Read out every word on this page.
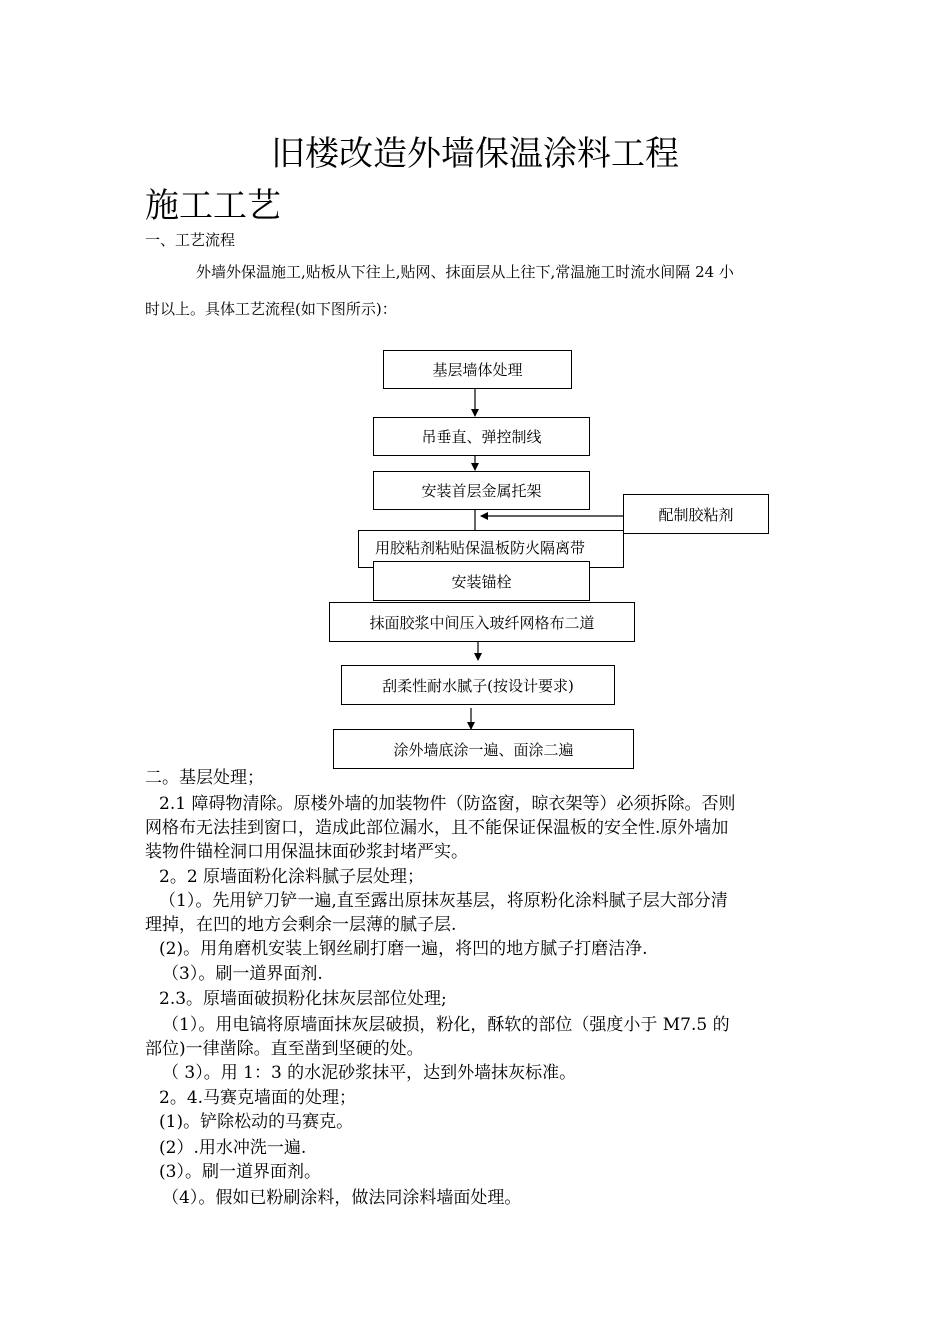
旧楼改造外墙保温涂料工程
施工工艺
一、工艺流程
外墙外保温施工,贴板从下往上,贴网、抹面层从上往下,常温施工时流水间隔 24 小
时以上。具体工艺流程(如下图所示)：
基层墙体处理
吊垂直、弹控制线
安装首层金属托架
配制胶粘剂
用胶粘剂粘贴保温板防火隔离带
安装锚栓
抹面胶浆中间压入玻纤网格布二道
刮柔性耐水腻子(按设计要求)
涂外墙底涂一遍、面涂二遍
二。基层处理；
2.1 障碍物清除。原楼外墙的加装物件（防盗窗，晾衣架等）必须拆除。否则
网格布无法挂到窗口，造成此部位漏水，且不能保证保温板的安全性.原外墙加
装物件锚栓洞口用保温抹面砂浆封堵严实。
2。2 原墙面粉化涂料腻子层处理；
（1）。先用铲刀铲一遍,直至露出原抹灰基层，将原粉化涂料腻子层大部分清
理掉，在凹的地方会剩余一层薄的腻子层.
(2)。用角磨机安装上钢丝刷打磨一遍，将凹的地方腻子打磨洁净.
（3）。刷一道界面剂.
2.3。原墙面破损粉化抹灰层部位处理;
（1）。用电镐将原墙面抹灰层破损，粉化，酥软的部位（强度小于 M7.5 的
部位)一律凿除。直至凿到坚硬的处。
（ 3）。用 1：3 的水泥砂浆抹平，达到外墙抹灰标准。
2。4.马赛克墙面的处理；
(1)。铲除松动的马赛克。
(2）.用水冲洗一遍.
(3）。刷一道界面剂。
（4）。假如已粉刷涂料，做法同涂料墙面处理。
